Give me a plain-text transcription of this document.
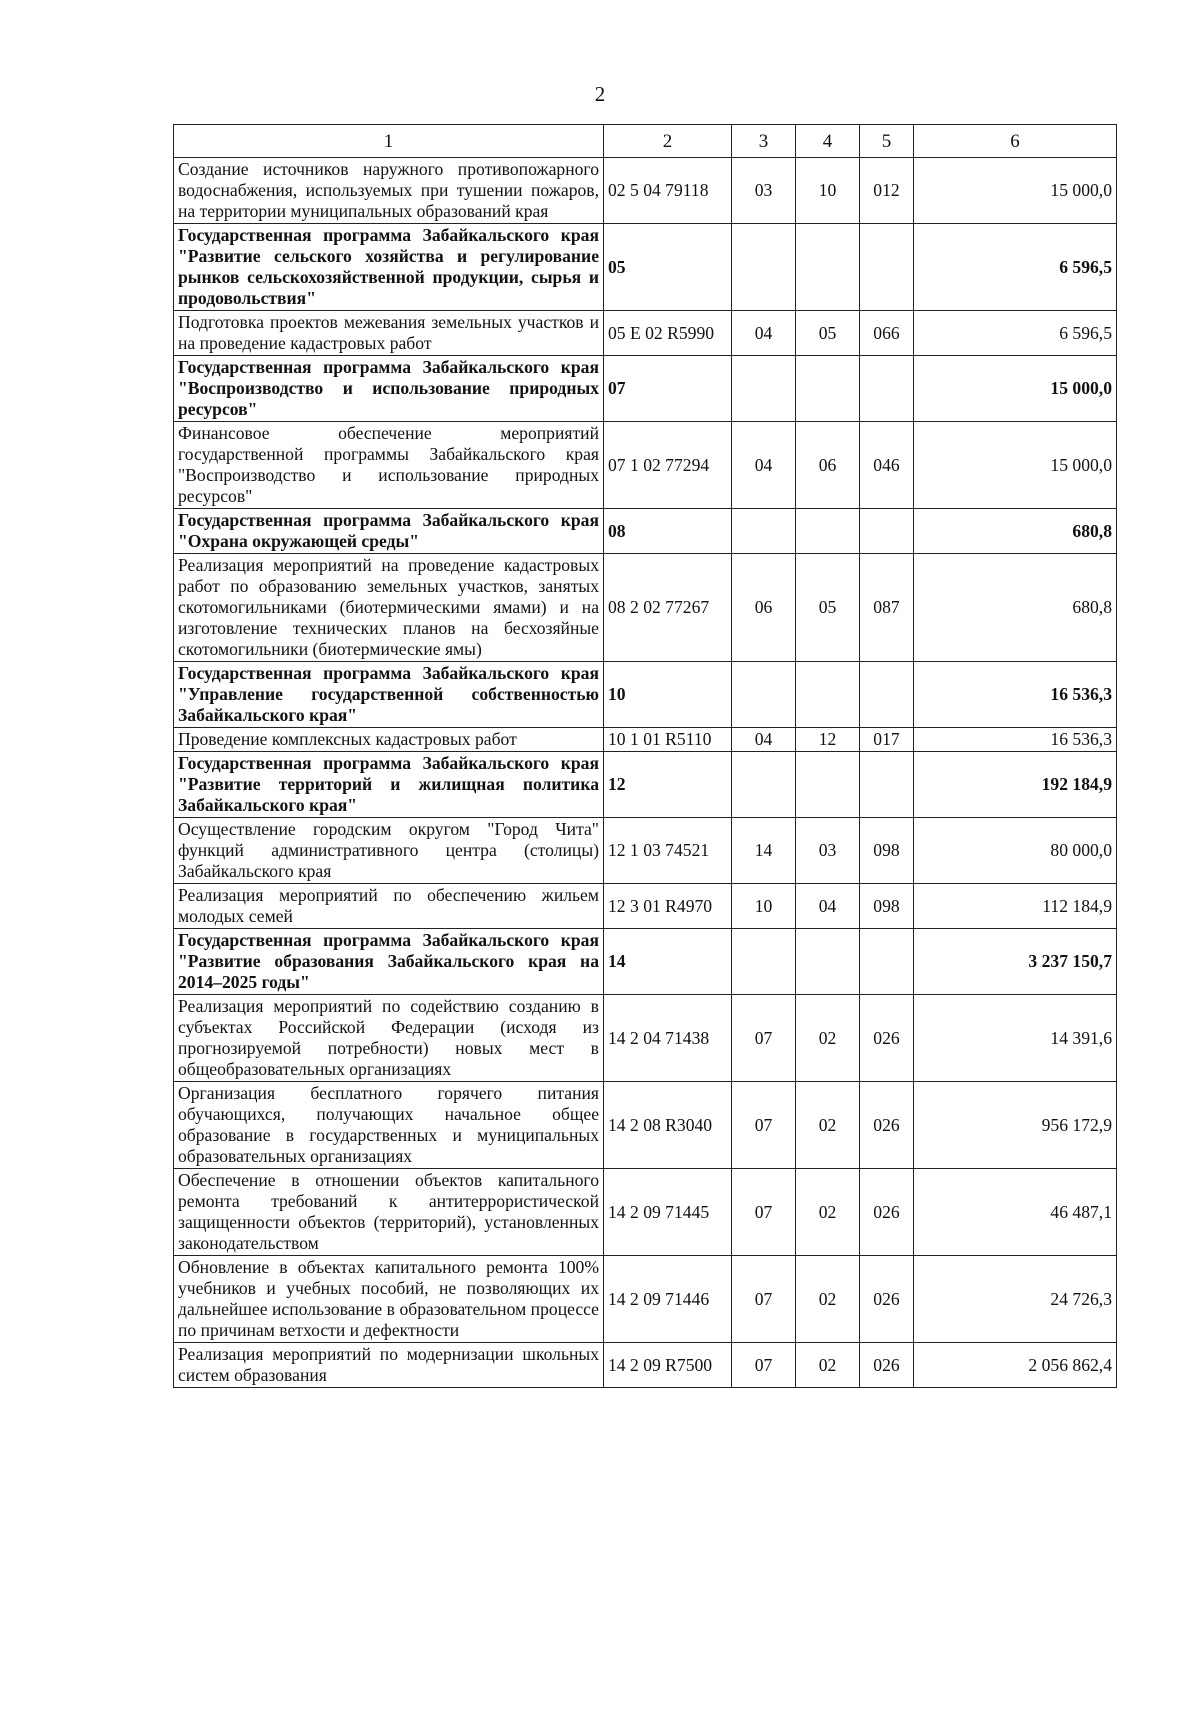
2
1	2	3	4	5	6
Создание источников наружного противопожарного водоснабжения, используемых при тушении пожаров, на территории муниципальных образований края	02 5 04 79118	03	10	012	15 000,0
Государственная программа Забайкальского края "Развитие сельского хозяйства и регулирование рынков сельскохозяйственной продукции, сырья и продовольствия"	05				6 596,5
Подготовка проектов межевания земельных участков и на проведение кадастровых работ	05 Е 02 R5990	04	05	066	6 596,5
Государственная программа Забайкальского края "Воспроизводство и использование природных ресурсов"	07				15 000,0
Финансовое обеспечение мероприятий государственной программы Забайкальского края "Воспроизводство и использование природных ресурсов"	07 1 02 77294	04	06	046	15 000,0
Государственная программа Забайкальского края "Охрана окружающей среды"	08				680,8
Реализация мероприятий на проведение кадастровых работ по образованию земельных участков, занятых скотомогильниками (биотермическими ямами) и на изготовление технических планов на бесхозяйные скотомогильники (биотермические ямы)	08 2 02 77267	06	05	087	680,8
Государственная программа Забайкальского края "Управление государственной собственностью Забайкальского края"	10				16 536,3
Проведение комплексных кадастровых работ	10 1 01 R5110	04	12	017	16 536,3
Государственная программа Забайкальского края "Развитие территорий и жилищная политика Забайкальского края"	12				192 184,9
Осуществление городским округом "Город Чита" функций административного центра (столицы) Забайкальского края	12 1 03 74521	14	03	098	80 000,0
Реализация мероприятий по обеспечению жильем молодых семей	12 3 01 R4970	10	04	098	112 184,9
Государственная программа Забайкальского края "Развитие образования Забайкальского края на 2014–2025 годы"	14				3 237 150,7
Реализация мероприятий по содействию созданию в субъектах Российской Федерации (исходя из прогнозируемой потребности) новых мест в общеобразовательных организациях	14 2 04 71438	07	02	026	14 391,6
Организация бесплатного горячего питания обучающихся, получающих начальное общее образование в государственных и муниципальных образовательных организациях	14 2 08 R3040	07	02	026	956 172,9
Обеспечение в отношении объектов капитального ремонта требований к антитеррористической защищенности объектов (территорий), установленных законодательством	14 2 09 71445	07	02	026	46 487,1
Обновление в объектах капитального ремонта 100% учебников и учебных пособий, не позволяющих их дальнейшее использование в образовательном процессе по причинам ветхости и дефектности	14 2 09 71446	07	02	026	24 726,3
Реализация мероприятий по модернизации школьных систем образования	14 2 09 R7500	07	02	026	2 056 862,4
